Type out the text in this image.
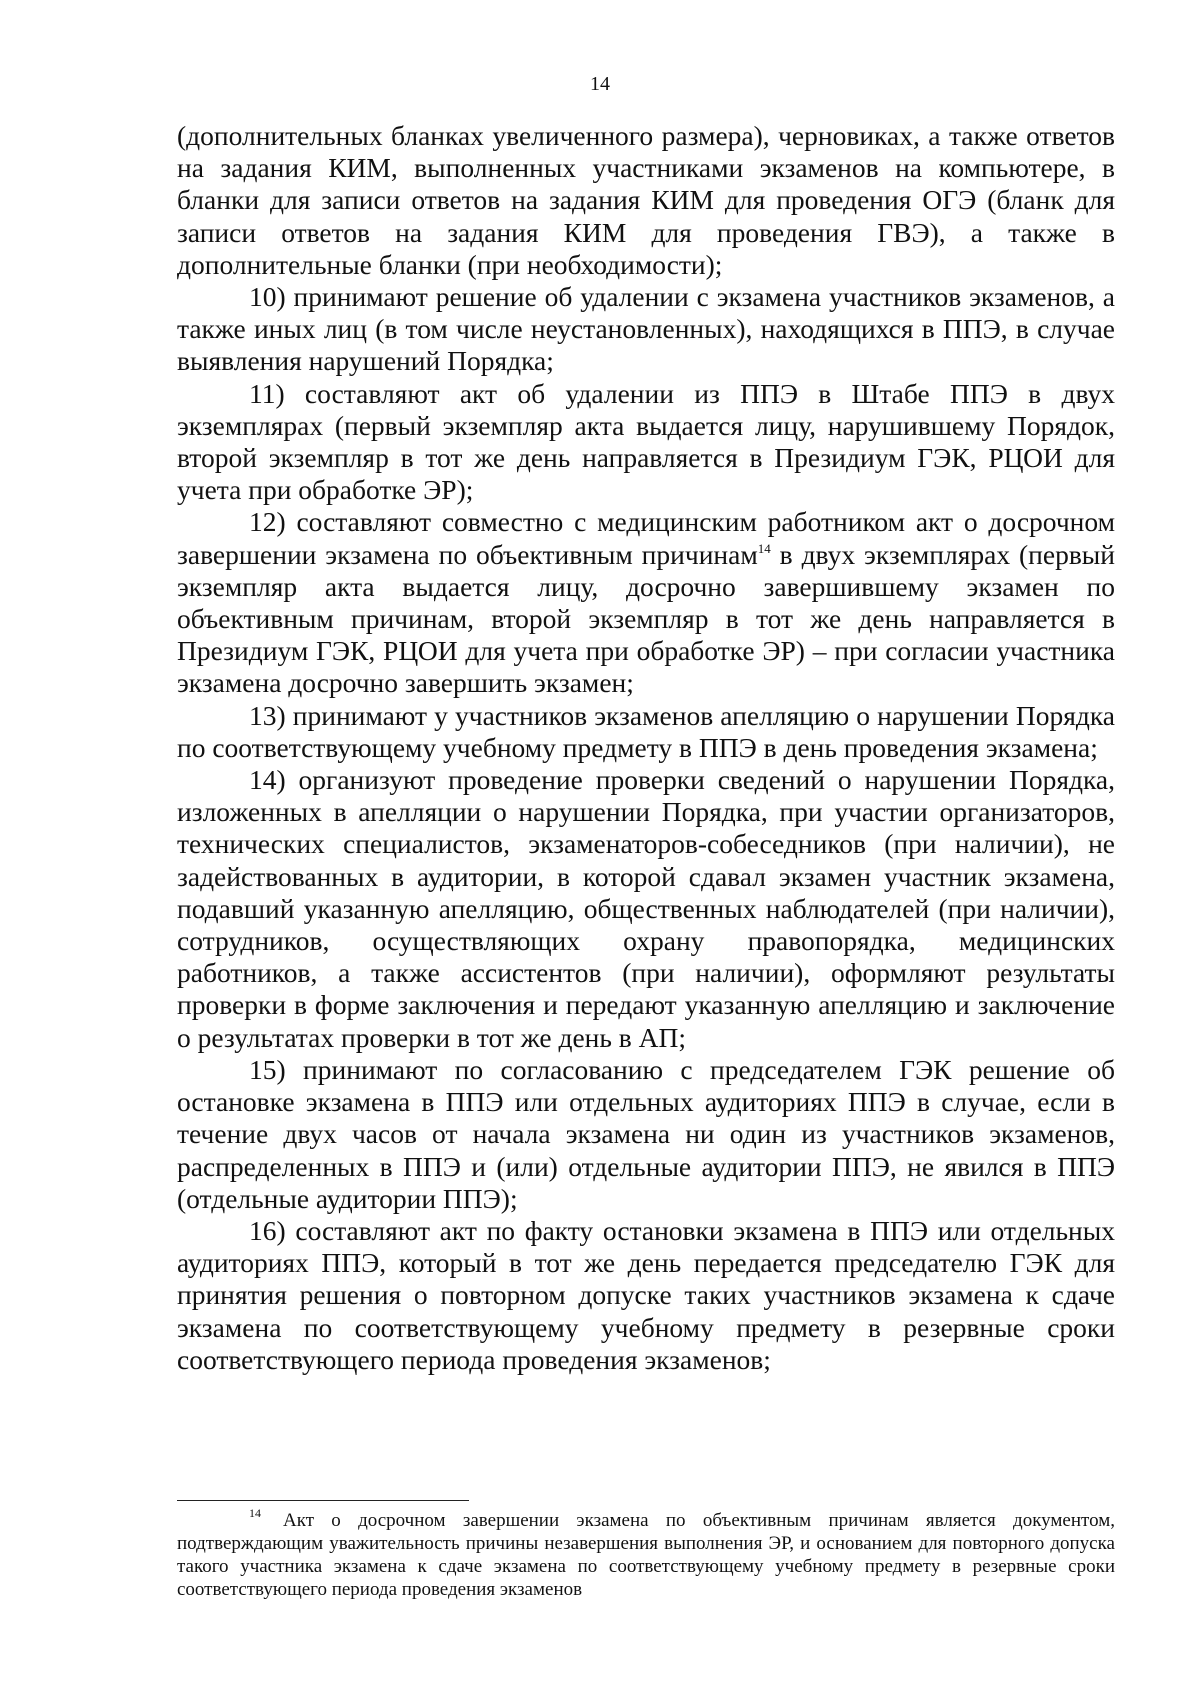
14

(дополнительных бланках увеличенного размера), черновиках, а также ответов на задания КИМ, выполненных участниками экзаменов на компьютере, в бланки для записи ответов на задания КИМ для проведения ОГЭ (бланк для записи ответов на задания КИМ для проведения ГВЭ), а также в дополнительные бланки (при необходимости);

10) принимают решение об удалении с экзамена участников экзаменов, а также иных лиц (в том числе неустановленных), находящихся в ППЭ, в случае выявления нарушений Порядка;

11) составляют акт об удалении из ППЭ в Штабе ППЭ в двух экземплярах (первый экземпляр акта выдается лицу, нарушившему Порядок, второй экземпляр в тот же день направляется в Президиум ГЭК, РЦОИ для учета при обработке ЭР);

12) составляют совместно с медицинским работником акт о досрочном завершении экзамена по объективным причинам$^{14}$ в двух экземплярах (первый экземпляр акта выдается лицу, досрочно завершившему экзамен по объективным причинам, второй экземпляр в тот же день направляется в Президиум ГЭК, РЦОИ для учета при обработке ЭР) – при согласии участника экзамена досрочно завершить экзамен;

13) принимают у участников экзаменов апелляцию о нарушении Порядка по соответствующему учебному предмету в ППЭ в день проведения экзамена;

14) организуют проведение проверки сведений о нарушении Порядка, изложенных в апелляции о нарушении Порядка, при участии организаторов, технических специалистов, экзаменаторов-собеседников (при наличии), не задействованных в аудитории, в которой сдавал экзамен участник экзамена, подавший указанную апелляцию, общественных наблюдателей (при наличии), сотрудников, осуществляющих охрану правопорядка, медицинских работников, а также ассистентов (при наличии), оформляют результаты проверки в форме заключения и передают указанную апелляцию и заключение о результатах проверки в тот же день в АП;

15) принимают по согласованию с председателем ГЭК решение об остановке экзамена в ППЭ или отдельных аудиториях ППЭ в случае, если в течение двух часов от начала экзамена ни один из участников экзаменов, распределенных в ППЭ и (или) отдельные аудитории ППЭ, не явился в ППЭ (отдельные аудитории ППЭ);

16) составляют акт по факту остановки экзамена в ППЭ или отдельных аудиториях ППЭ, который в тот же день передается председателю ГЭК для принятия решения о повторном допуске таких участников экзамена к сдаче экзамена по соответствующему учебному предмету в резервные сроки соответствующего периода проведения экзаменов;

$^{14}$ Акт о досрочном завершении экзамена по объективным причинам является документом, подтверждающим уважительность причины незавершения выполнения ЭР, и основанием для повторного допуска такого участника экзамена к сдаче экзамена по соответствующему учебному предмету в резервные сроки соответствующего периода проведения экзаменов
